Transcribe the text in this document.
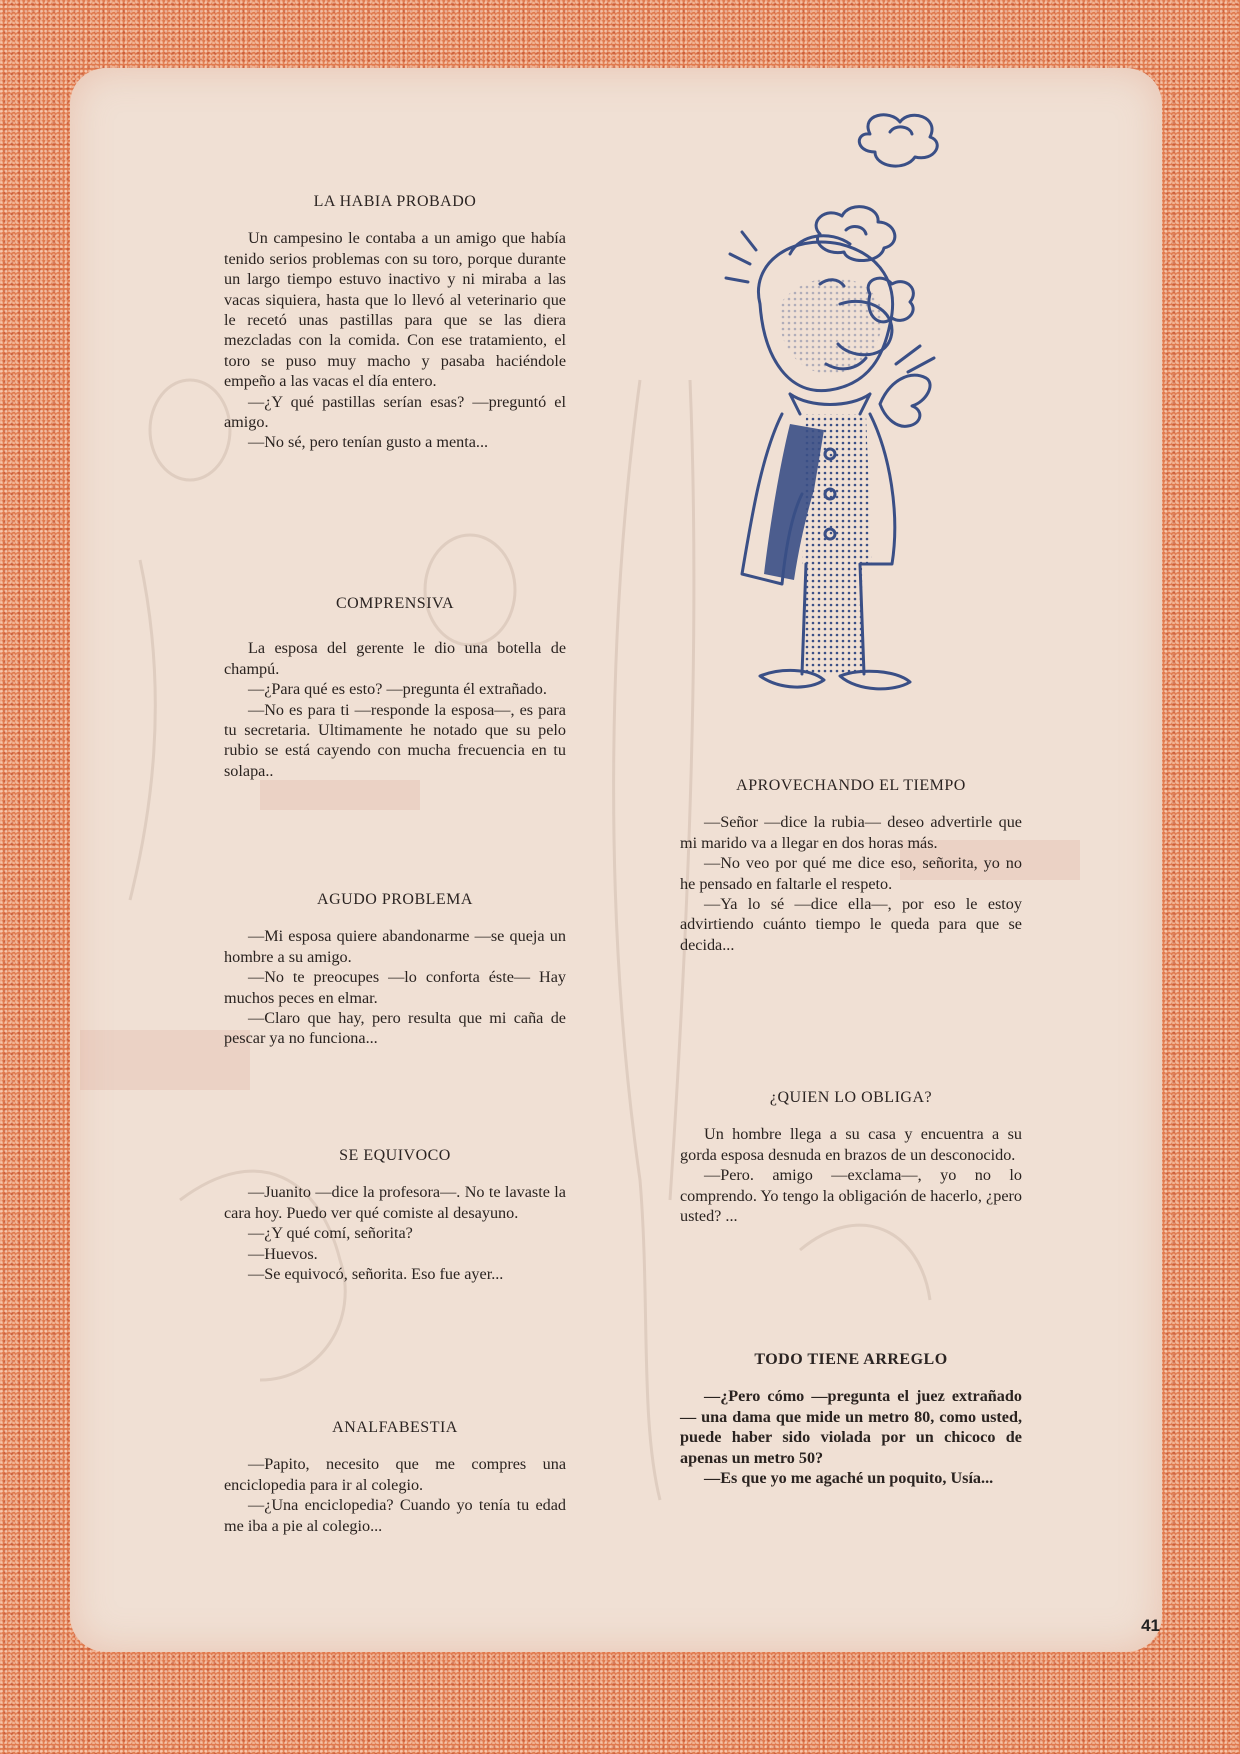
LA HABIA PROBADO

Un campesino le contaba a un amigo que había tenido serios problemas con su toro, porque durante un largo tiempo estuvo inactivo y ni miraba a las vacas siquiera, hasta que lo llevó al veterinario que le recetó unas pastillas para que se las diera mezcladas con la comida. Con ese tratamiento, el toro se puso muy macho y pasaba haciéndole empeño a las vacas el día entero.

—¿Y qué pastillas serían esas? —preguntó el amigo.

—No sé, pero tenían gusto a menta...

COMPRENSIVA

La esposa del gerente le dio una botella de champú.

—¿Para qué es esto? —pregunta él extrañado.

—No es para ti —responde la esposa—, es para tu secretaria. Ultimamente he notado que su pelo rubio se está cayendo con mucha frecuencia en tu solapa..

AGUDO PROBLEMA

—Mi esposa quiere abandonarme —se queja un hombre a su amigo.

—No te preocupes —lo conforta éste— Hay muchos peces en elmar.

—Claro que hay, pero resulta que mi caña de pescar ya no funciona...

SE EQUIVOCO

—Juanito —dice la profesora—. No te lavaste la cara hoy. Puedo ver qué comiste al desayuno.

—¿Y qué comí, señorita?

—Huevos.

—Se equivocó, señorita. Eso fue ayer...

ANALFABESTIA

—Papito, necesito que me compres una enciclopedia para ir al colegio.

—¿Una enciclopedia? Cuando yo tenía tu edad me iba a pie al colegio...

APROVECHANDO EL TIEMPO

—Señor —dice la rubia— deseo advertirle que mi marido va a llegar en dos horas más.

—No veo por qué me dice eso, señorita, yo no he pensado en faltarle el respeto.

—Ya lo sé —dice ella—, por eso le estoy advirtiendo cuánto tiempo le queda para que se decida...

¿QUIEN LO OBLIGA?

Un hombre llega a su casa y encuentra a su gorda esposa desnuda en brazos de un desconocido.

—Pero. amigo —exclama—, yo no lo comprendo. Yo tengo la obligación de hacerlo, ¿pero usted? ...

TODO TIENE ARREGLO

—¿Pero cómo —pregunta el juez extrañado— una dama que mide un metro 80, como usted, puede haber sido violada por un chicoco de apenas un metro 50?

—Es que yo me agaché un poquito, Usía...

41
